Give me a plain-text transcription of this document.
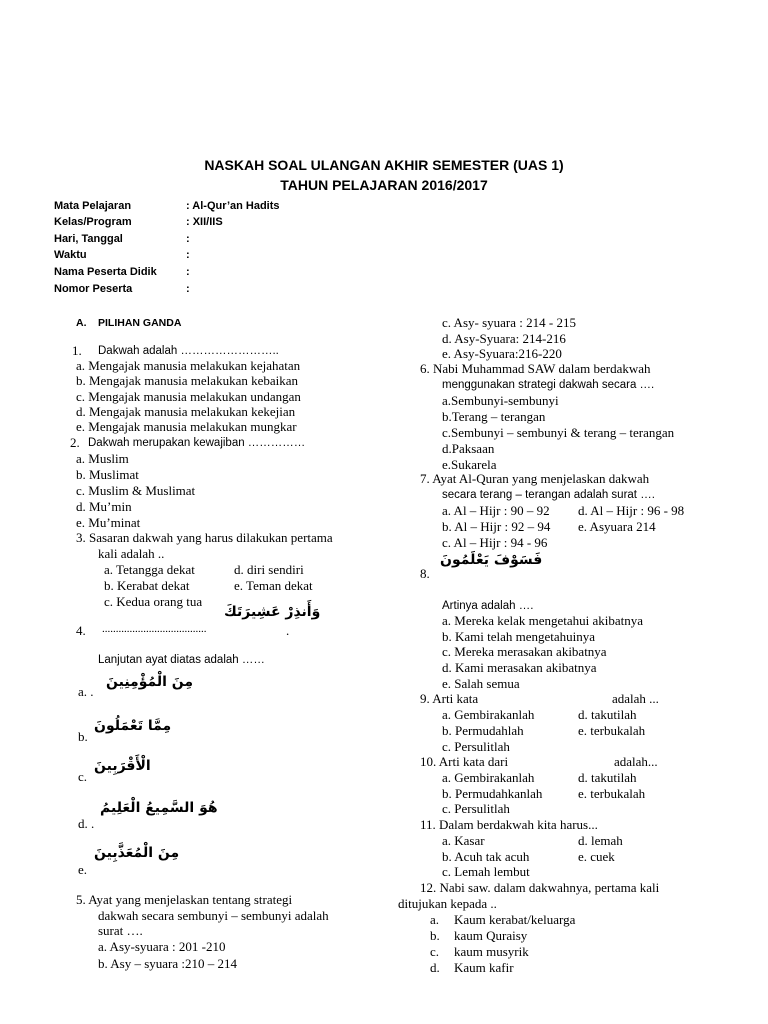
NASKAH SOAL ULANGAN AKHIR SEMESTER (UAS 1)
TAHUN PELAJARAN 2016/2017
Mata Pelajaran	: Al-Qur’an Hadits
Kelas/Program	: XII/IIS
Hari, Tanggal	:
Waktu	:
Nama Peserta Didik	:
Nomor Peserta	:
A. PILIHAN GANDA
1. Dakwah adalah ……………………..
a. Mengajak manusia melakukan kejahatan
b. Mengajak manusia melakukan kebaikan
c. Mengajak manusia melakukan undangan
d. Mengajak manusia melakukan kekejian
e. Mengajak manusia melakukan mungkar
2. Dakwah merupakan kewajiban ……………
a. Muslim
b. Muslimat
c. Muslim & Muslimat
d. Mu’min
e. Mu’minat
3. Sasaran dakwah yang harus dilakukan pertama
kali adalah ..
a. Tetangga dekat	d. diri sendiri
b. Kerabat dekat	e. Teman dekat
c. Kedua orang tua
4. ......................................
وَأَنذِرْ عَشِيرَتَكَ
.
Lanjutan ayat diatas adalah ……
a. .
مِنَ الْمُؤْمِنِينَ
b.
مِمَّا تَعْمَلُونَ
c.
الْأَقْرَبِينَ
d. .
هُوَ السَّمِيعُ الْعَلِيمُ
e.
مِنَ الْمُعَذَّبِينَ
5. Ayat yang menjelaskan tentang strategi
dakwah secara sembunyi – sembunyi adalah
surat ….
a. Asy-syuara : 201 -210
b. Asy – syuara :210 – 214
c. Asy- syuara : 214 - 215
d. Asy-Syuara: 214-216
e. Asy-Syuara:216-220
6. Nabi Muhammad SAW dalam berdakwah
menggunakan strategi dakwah secara ….
a.Sembunyi-sembunyi
b.Terang – terangan
c.Sembunyi – sembunyi & terang – terangan
d.Paksaan
e.Sukarela
7. Ayat Al-Quran yang menjelaskan dakwah
secara terang – terangan adalah surat ….
a. Al – Hijr : 90 – 92 d. Al – Hijr : 96 - 98
b. Al – Hijr : 92 – 94 e. Asyuara 214
c. Al – Hijr : 94 - 96
8.
فَسَوْفَ يَعْلَمُونَ
Artinya adalah ….
a. Mereka kelak mengetahui akibatnya
b. Kami telah mengetahuinya
c. Mereka merasakan akibatnya
d. Kami merasakan akibatnya
e. Salah semua
9. Arti kata	adalah ...
a. Gembirakanlah	d. takutilah
b. Permudahlah	e. terbukalah
c. Persulitlah
10. Arti kata dari	adalah...
a. Gembirakanlah	d. takutilah
b. Permudahkanlah	e. terbukalah
c. Persulitlah
11. Dalam berdakwah kita harus...
a. Kasar	d. lemah
b. Acuh tak acuh	e. cuek
c. Lemah lembut
12. Nabi saw. dalam dakwahnya, pertama kali
ditujukan kepada ..
a. Kaum kerabat/keluarga
b. kaum Quraisy
c. kaum musyrik
d. Kaum kafir
